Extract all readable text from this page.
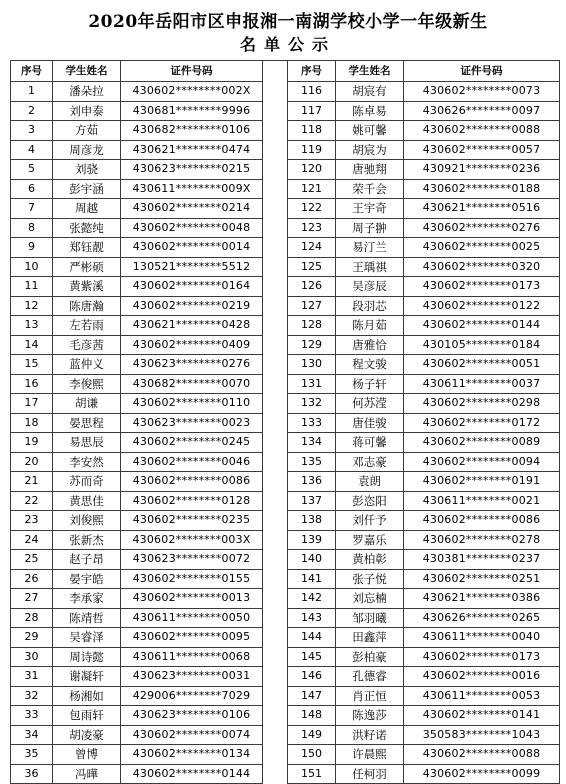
2020年岳阳市区申报湘一南湖学校小学一年级新生
名单公示
序号	学生姓名	证件号码
1	潘朵拉	430602********002X
2	刘申泰	430681********9996
3	方茹	430682********0106
4	周彦龙	430621********0474
5	刘骁	430623********0215
6	彭宇涵	430611********009X
7	周越	430602********0214
8	张懿纯	430602********0048
9	郑钰靓	430602********0014
10	严彬硕	130521********5512
11	黄紫溪	430602********0164
12	陈唐瀚	430602********0219
13	左若雨	430621********0428
14	毛彦茜	430602********0409
15	蓝仲义	430623********0276
16	李俊熙	430682********0070
17	胡谦	430602********0110
18	晏思程	430623********0023
19	易思辰	430602********0245
20	李安然	430602********0046
21	苏而奇	430602********0086
22	黄思佳	430602********0128
23	刘俊熙	430602********0235
24	张新杰	430602********003X
25	赵子昂	430623********0072
26	晏宇皓	430602********0155
27	李承家	430602********0013
28	陈靖哲	430611********0050
29	吴睿泽	430602********0095
30	周诗懿	430611********0068
31	谢凝轩	430623********0031
32	杨湘如	429006********7029
33	包雨轩	430623********0106
34	胡凌豪	430602********0074
35	曾博	430602********0134
36	冯曄	430602********0144
序号	学生姓名	证件号码
116	胡宸有	430602********0073
117	陈卓易	430626********0097
118	姚可馨	430602********0088
119	胡宸为	430602********0057
120	唐驰翔	430921********0236
121	荣千会	430602********0188
122	王宇奇	430621********0516
123	周子翀	430602********0276
124	易汀兰	430602********0025
125	王瑀祺	430602********0320
126	吴彦辰	430602********0173
127	段羽芯	430602********0122
128	陈月茹	430602********0144
129	唐雅恰	430105********0184
130	程文骏	430602********0051
131	杨子轩	430611********0037
132	何苏滢	430602********0298
133	唐佳骏	430602********0172
134	蒋可馨	430602********0089
135	邓志豪	430602********0094
136	袁朗	430602********0191
137	彭恣阳	430611********0021
138	刘仟予	430602********0086
139	罗嘉乐	430602********0278
140	黄柏彰	430381********0237
141	张子悦	430602********0251
142	刘忘楠	430621********0386
143	邹羽曦	430626********0265
144	田鑫萍	430611********0040
145	彭柏豪	430602********0173
146	孔德睿	430602********0016
147	肖正恒	430611********0053
148	陈逸莎	430602********0141
149	洪籽诺	350583********1043
150	许晨熙	430602********0088
151	任柯羽	430602********0099
